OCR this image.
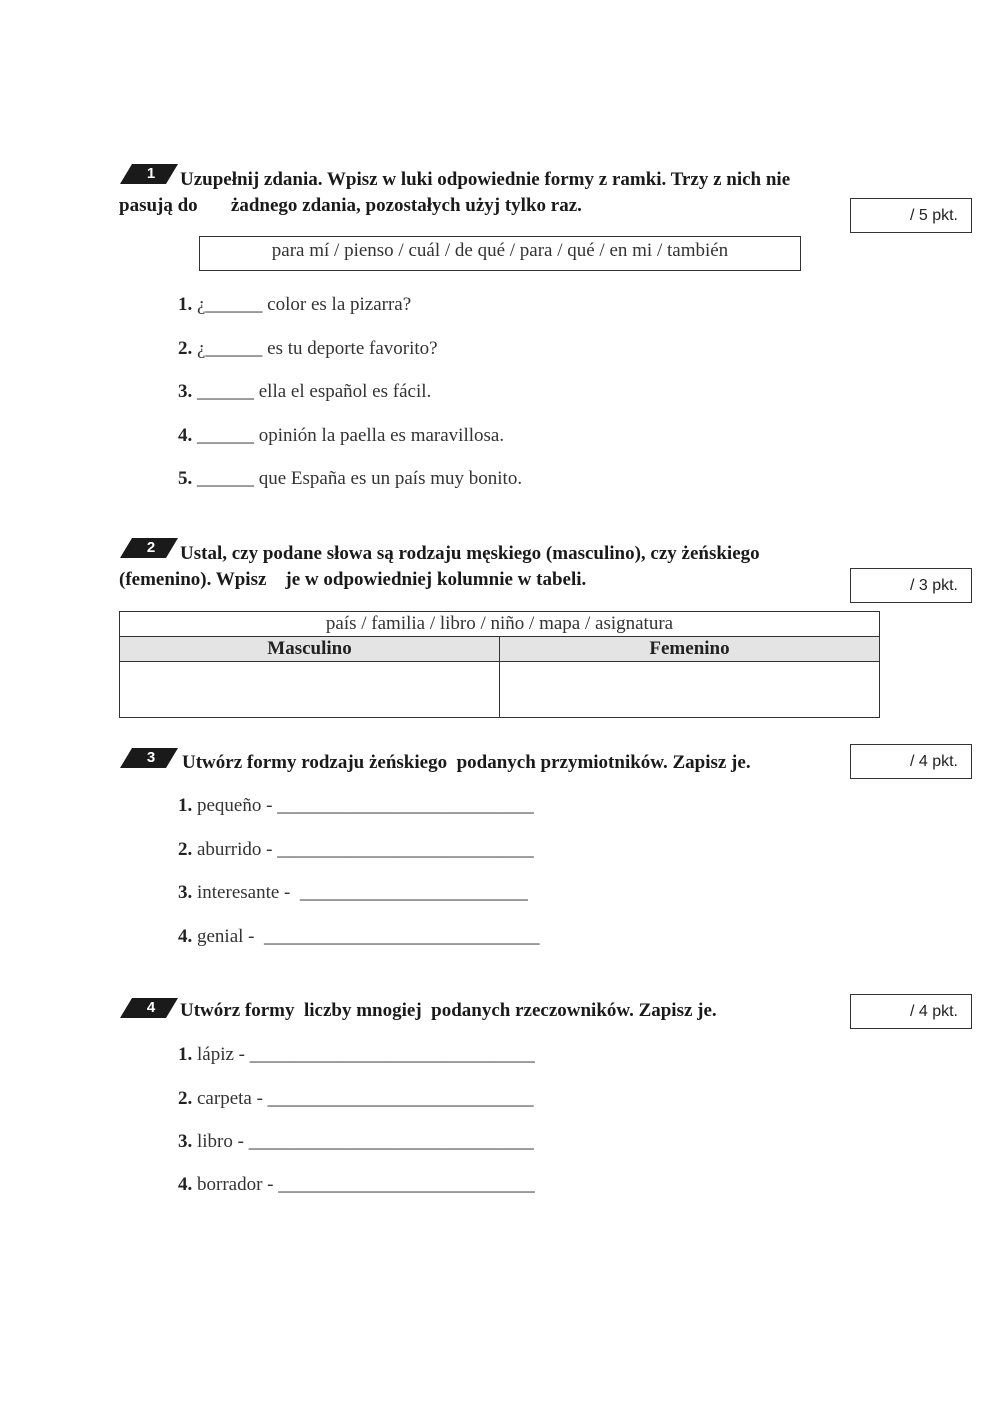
1 Uzupełnij zdania. Wpisz w luki odpowiednie formy z ramki. Trzy z nich nie
pasują do       żadnego zdania, pozostałych użyj tylko raz.	/ 5 pkt.
para mí / pienso / cuál / de qué / para / qué / en mi / también
1. ¿______ color es la pizarra?
2. ¿______ es tu deporte favorito?
3. ______ ella el español es fácil.
4. ______ opinión la paella es maravillosa.
5. ______ que España es un país muy bonito.
2 Ustal, czy podane słowa są rodzaju męskiego (masculino), czy żeńskiego
(femenino). Wpisz    je w odpowiedniej kolumnie w tabeli.	/ 3 pkt.
país / familia / libro / niño / mapa / asignatura	
Masculino	Femenino

3 Utwórz formy rodzaju żeńskiego  podanych przymiotników. Zapisz je.	/ 4 pkt.
1. pequeño - ___________________________
2. aburrido - ___________________________
3. interesante -  ________________________
4. genial -  _____________________________
4 Utwórz formy  liczby mnogiej  podanych rzeczowników. Zapisz je.	/ 4 pkt.
1. lápiz - ______________________________
2. carpeta - ____________________________
3. libro - ______________________________
4. borrador - ___________________________
